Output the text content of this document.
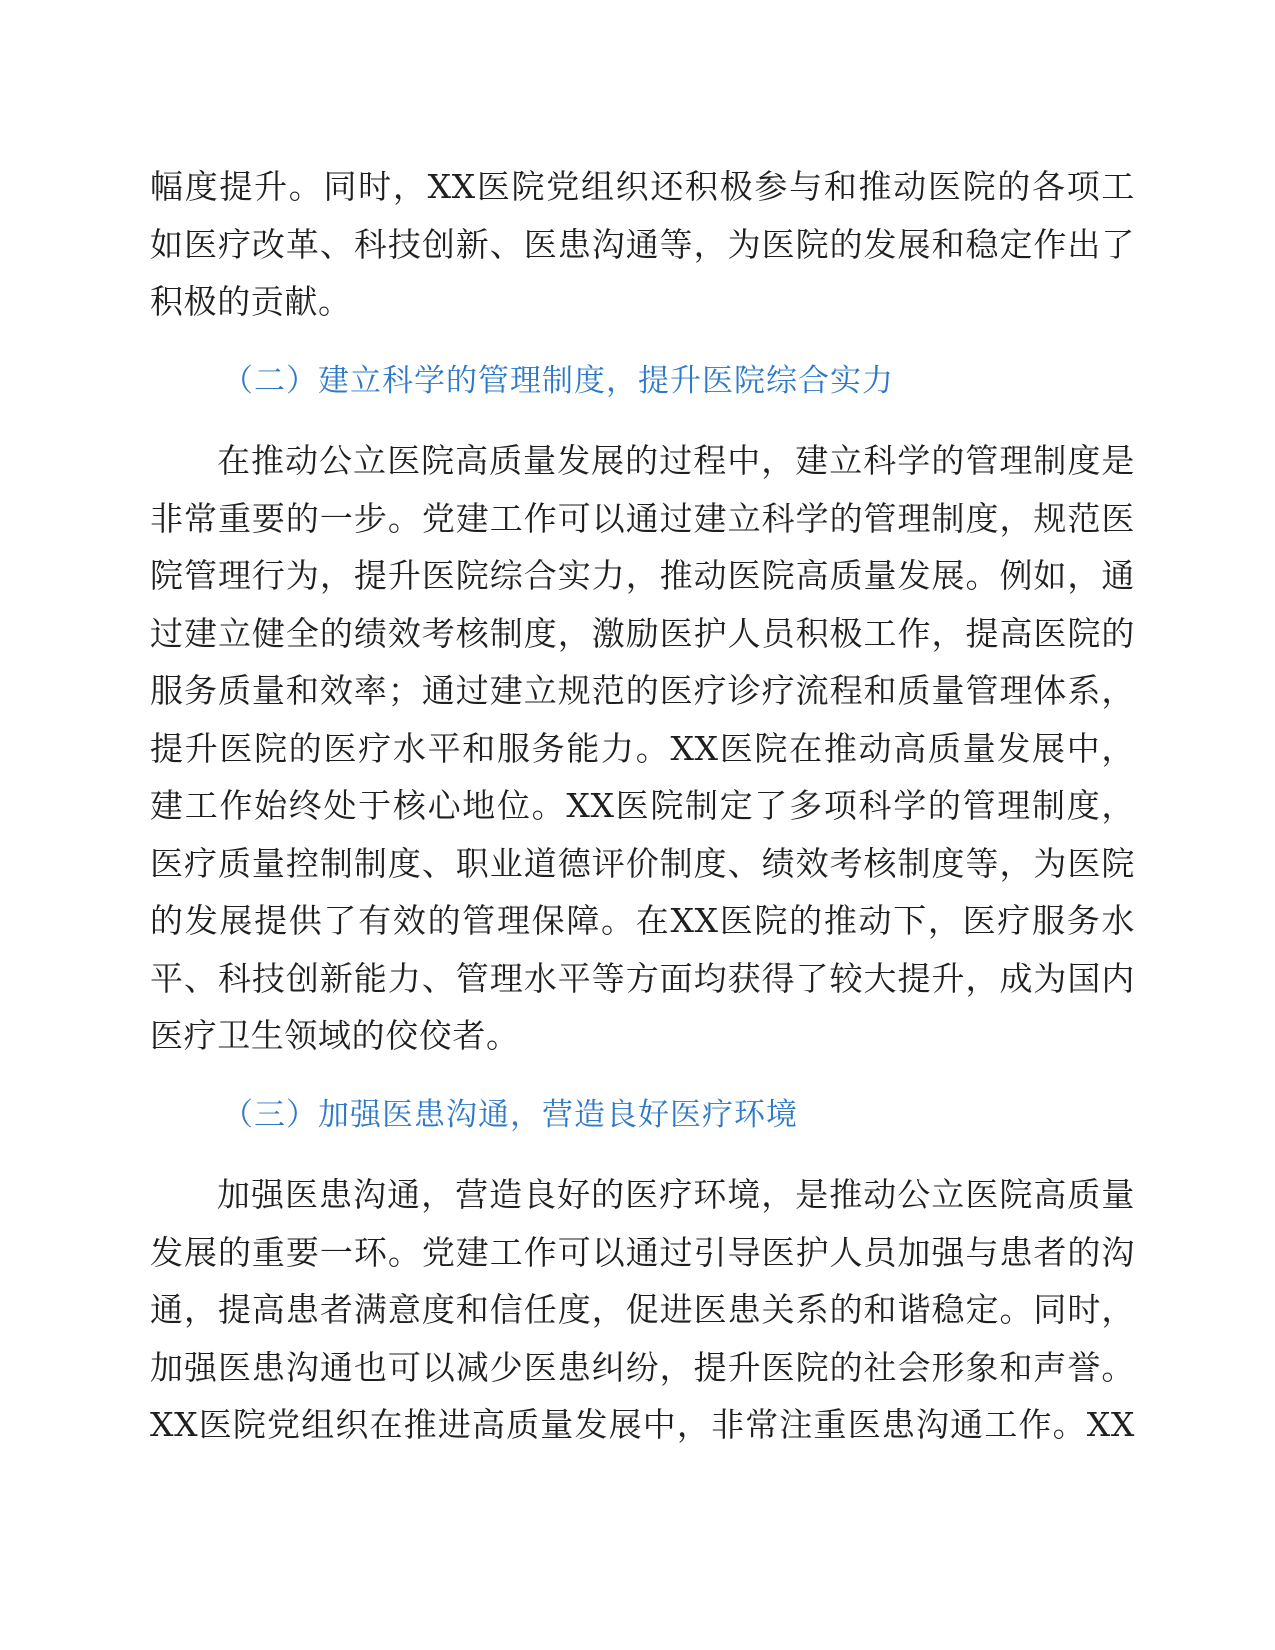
幅度提升。同时，XX医院党组织还积极参与和推动医院的各项工
如医疗改革、科技创新、医患沟通等，为医院的发展和稳定作出了
积极的贡献。
（二）建立科学的管理制度，提升医院综合实力
在推动公立医院高质量发展的过程中，建立科学的管理制度是
非常重要的一步。党建工作可以通过建立科学的管理制度，规范医
院管理行为，提升医院综合实力，推动医院高质量发展。例如，通
过建立健全的绩效考核制度，激励医护人员积极工作，提高医院的
服务质量和效率；通过建立规范的医疗诊疗流程和质量管理体系，
提升医院的医疗水平和服务能力。XX医院在推动高质量发展中，
建工作始终处于核心地位。XX医院制定了多项科学的管理制度，
医疗质量控制制度、职业道德评价制度、绩效考核制度等，为医院
的发展提供了有效的管理保障。在XX医院的推动下，医疗服务水
平、科技创新能力、管理水平等方面均获得了较大提升，成为国内
医疗卫生领域的佼佼者。
（三）加强医患沟通，营造良好医疗环境
加强医患沟通，营造良好的医疗环境，是推动公立医院高质量
发展的重要一环。党建工作可以通过引导医护人员加强与患者的沟
通，提高患者满意度和信任度，促进医患关系的和谐稳定。同时，
加强医患沟通也可以减少医患纠纷，提升医院的社会形象和声誉。
XX医院党组织在推进高质量发展中，非常注重医患沟通工作。XX
